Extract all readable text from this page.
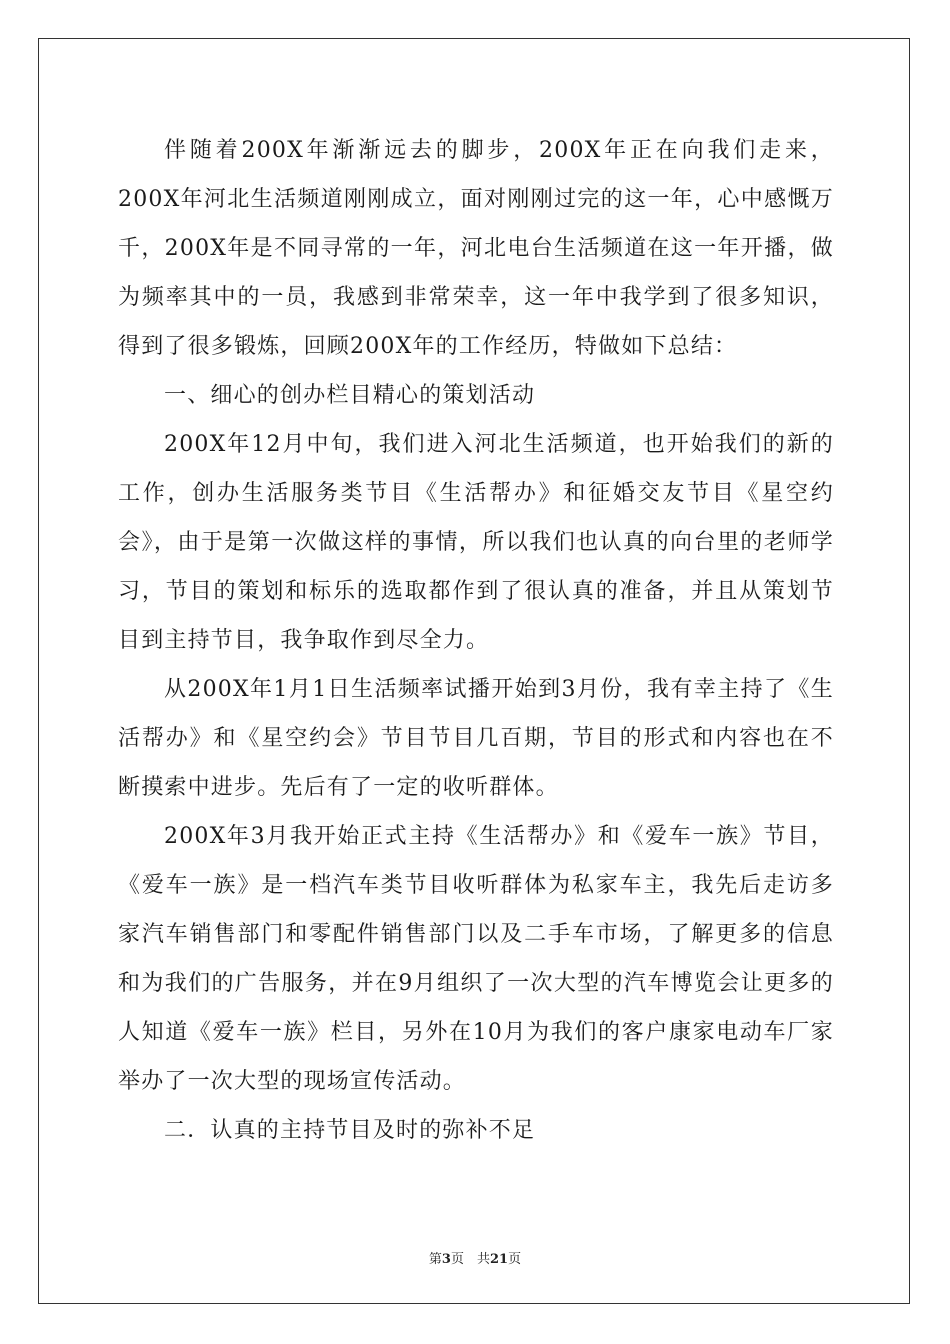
伴随着200X年渐渐远去的脚步，200X年正在向我们走来，200X年河北生活频道刚刚成立，面对刚刚过完的这一年，心中感慨万千，200X年是不同寻常的一年，河北电台生活频道在这一年开播，做为频率其中的一员，我感到非常荣幸，这一年中我学到了很多知识，得到了很多锻炼，回顾200X年的工作经历，特做如下总结：

一、细心的创办栏目精心的策划活动

200X年12月中旬，我们进入河北生活频道，也开始我们的新的工作，创办生活服务类节目《生活帮办》和征婚交友节目《星空约会》，由于是第一次做这样的事情，所以我们也认真的向台里的老师学习，节目的策划和标乐的选取都作到了很认真的准备，并且从策划节目到主持节目，我争取作到尽全力。

从200X年1月1日生活频率试播开始到3月份，我有幸主持了《生活帮办》和《星空约会》节目节目几百期，节目的形式和内容也在不断摸索中进步。先后有了一定的收听群体。

200X年3月我开始正式主持《生活帮办》和《爱车一族》节目，《爱车一族》是一档汽车类节目收听群体为私家车主，我先后走访多家汽车销售部门和零配件销售部门以及二手车市场，了解更多的信息和为我们的广告服务，并在9月组织了一次大型的汽车博览会让更多的人知道《爱车一族》栏目，另外在10月为我们的客户康家电动车厂家举办了一次大型的现场宣传活动。

二．认真的主持节目及时的弥补不足

第3页　共21页
